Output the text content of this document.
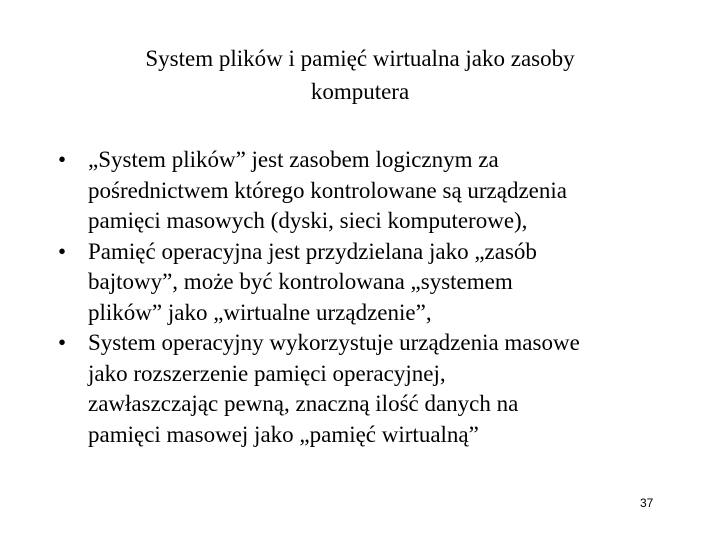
System plików i pamięć wirtualna jako zasoby
komputera
• „System plików” jest zasobem logicznym za
pośrednictwem którego kontrolowane są urządzenia
pamięci masowych (dyski, sieci komputerowe),
• Pamięć operacyjna jest przydzielana jako „zasób
bajtowy”, może być kontrolowana „systemem
plików” jako „wirtualne urządzenie”,
• System operacyjny wykorzystuje urządzenia masowe
jako rozszerzenie pamięci operacyjnej,
zawłaszczając pewną, znaczną ilość danych na
pamięci masowej jako „pamięć wirtualną”
37
